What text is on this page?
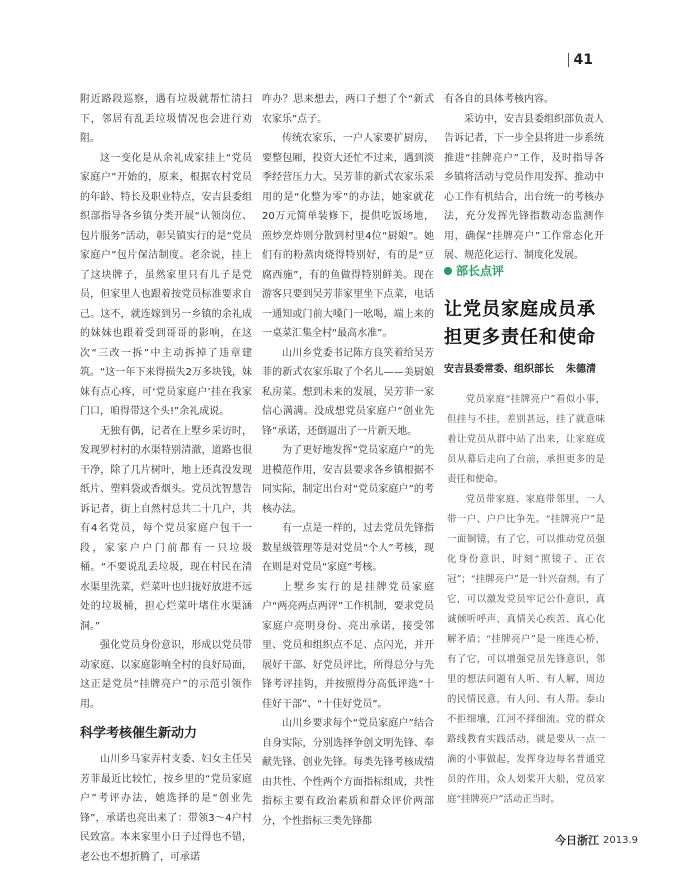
41

附近路段巡察，遇有垃圾就帮忙清扫下，邻居有乱丢垃圾情况也会进行劝阻。

这一变化是从余礼成家挂上“党员家庭户”开始的，原来，根据农村党员的年龄、特长及职业特点，安吉县委组织部指导各乡镇分类开展“认领岗位、包片服务”活动，彰吴镇实行的是“党员家庭户”包片保洁制度。老余说，挂上了这块牌子，虽然家里只有儿子是党员，但家里人也跟着按党员标准要求自己。这不，就连嫁到另一乡镇的余礼成的妹妹也跟着受到哥哥的影响，在这次“三改一拆”中主动拆掉了违章建筑。“这一年下来得损失2万多块钱，妹妹有点心疼，可‘党员家庭户’挂在我家门口，咱得带这个头!”余礼成说。

无独有偶，记者在上墅乡采访时，发现罗村村的水渠特别清澈，道路也很干净，除了几片树叶，地上还真没发现纸片、塑料袋或香烟头。党员沈智慧告诉记者，街上自然村总共二十几户，共有4名党员，每个党员家庭户包干一段，家家户户门前都有一只垃圾桶。“不要说乱丢垃圾，现在村民在清水渠里洗菜，烂菜叶也归拢好放进不远处的垃圾桶，担心烂菜叶堵住水渠涵洞。”

强化党员身份意识，形成以党员带动家庭、以家庭影响全村的良好局面，这正是党员“挂牌亮户”的示范引领作用。

科学考核催生新动力

山川乡马家弄村支委、妇女主任吴芳菲最近比较忙，按乡里的“党员家庭户”考评办法，她选择的是“创业先锋”，承诺也亮出来了：带领3～4户村民致富。本来家里小日子过得也不错，老公也不想折腾了，可承诺

咋办？思来想去，两口子想了个“新式农家乐”点子。

传统农家乐，一户人家要扩厨房，要整包厢，投资大还忙不过来，遇到淡季经营压力大。吴芳菲的新式农家乐采用的是“化整为零”的办法，她家就花20万元简单装修下，提供吃饭场地，煎炒烹炸则分散到村里4位“厨娘”。她们有的粉蒸肉烧得特别好，有的是“豆腐西施”，有的鱼做得特别鲜美。现在游客只要到吴芳菲家里坐下点菜，电话一通知或门前大嗓门一吆喝，端上来的一桌菜汇集全村“最高水准”。

山川乡党委书记陈方良笑着给吴芳菲的新式农家乐取了个名儿——美厨娘私房菜。想到未来的发展，吴芳菲一家信心满满。没成想党员家庭户“创业先锋”承诺，还倒逼出了一片新天地。

为了更好地发挥“党员家庭户”的先进模范作用，安吉县要求各乡镇根据不同实际，制定出台对“党员家庭户”的考核办法。

有一点是一样的，过去党员先锋指数星级管理等是对党员“个人”考核，现在则是对党员“家庭”考核。

上墅乡实行的是挂牌党员家庭户“两亮两点两评”工作机制，要求党员家庭户亮明身份、亮出承诺，接受邻里、党员和组织点不足、点闪光，并开展好干部、好党员评比，所得总分与先锋考评挂钩，并按照得分高低评选“十佳好干部”、“十佳好党员”。

山川乡要求每个“党员家庭户”结合自身实际，分别选择争创文明先锋、奉献先锋、创业先锋。每类先锋考核成绩由共性、个性两个方面指标组成，共性指标主要有政治素质和群众评价两部分，个性指标三类先锋都

有各自的具体考核内容。

采访中，安吉县委组织部负责人告诉记者，下一步全县将进一步系统推进“挂牌亮户”工作，及时指导各乡镇将活动与党员作用发挥、推动中心工作有机结合，出台统一的考核办法，充分发挥先锋指数动态监测作用，确保“挂牌亮户”工作常态化开展、规范化运行、制度化发展。

部长点评
让党员家庭成员承担更多责任和使命
安吉县委常委、组织部长 朱德清

党员家庭“挂牌亮户”看似小事，但挂与不挂，差别甚远，挂了就意味着让党员从群中站了出来，让家庭成员从幕后走向了台前，承担更多的是责任和使命。

党员带家庭、家庭带邻里，一人带一户、户户比争先。“挂牌亮户”是一面铜镜，有了它，可以推动党员强化身份意识，时刻“照镜子、正衣冠”；“挂牌亮户”是一针兴奋剂，有了它，可以激发党员牢记公仆意识，真诚倾听呼声、真情关心疾苦、真心化解矛盾；“挂牌亮户”是一座连心桥，有了它，可以增强党员先锋意识，邻里的想法问题有人听、有人解，周边的民情民意，有人问、有人帮。泰山不拒细壤，江河不择细流。党的群众路线教育实践活动，就是要从一点一滴的小事做起，发挥身边每名普通党员的作用，众人划桨开大船，党员家庭“挂牌亮户”活动正当时。

今日浙江 2013.9
